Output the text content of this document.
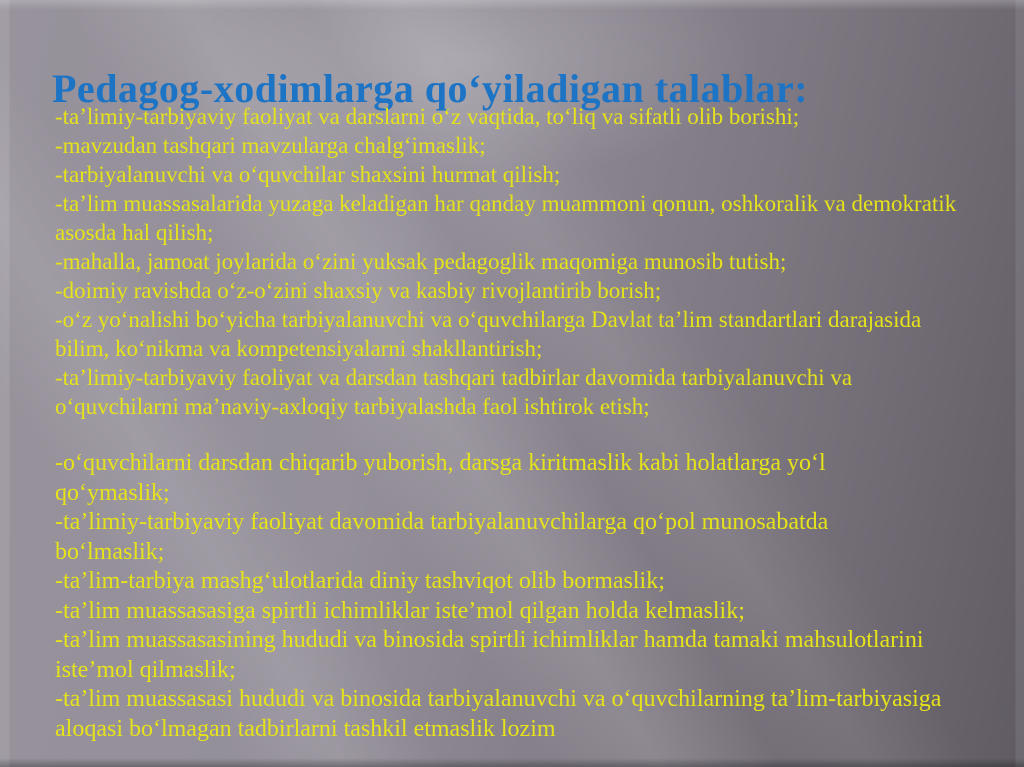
Pedagog-xodimlarga qoʻyiladigan talablar:

-taʼlimiy-tarbiyaviy faoliyat va darslarni oʻz vaqtida, toʻliq va sifatli olib borishi;

-mavzudan tashqari mavzularga chalgʻimaslik;

-tarbiyalanuvchi va oʻquvchilar shaxsini hurmat qilish;

-taʼlim muassasalarida yuzaga keladigan har qanday muammoni qonun, oshkoralik va demokratik asosda hal qilish;

-mahalla, jamoat joylarida oʻzini yuksak pedagoglik maqomiga munosib tutish;

-doimiy ravishda oʻz-oʻzini shaxsiy va kasbiy rivojlantirib borish;

-oʻz yoʻnalishi boʻyicha tarbiyalanuvchi va oʻquvchilarga Davlat taʼlim standartlari darajasida bilim, koʻnikma va kompetensiyalarni shakllantirish;

-taʼlimiy-tarbiyaviy faoliyat va darsdan tashqari tadbirlar davomida tarbiyalanuvchi va oʻquvchilarni maʼnaviy-axloqiy tarbiyalashda faol ishtirok etish;

-oʻquvchilarni darsdan chiqarib yuborish, darsga kiritmaslik kabi holatlarga yoʻl qoʻymaslik;

-taʼlimiy-tarbiyaviy faoliyat davomida tarbiyalanuvchilarga qoʻpol munosabatda boʻlmaslik;

-taʼlim-tarbiya mashgʻulotlarida diniy tashviqot olib bormaslik;

-taʼlim muassasasiga spirtli ichimliklar isteʼmol qilgan holda kelmaslik;

-taʼlim muassasasining hududi va binosida spirtli ichimliklar hamda tamaki mahsulotlarini isteʼmol qilmaslik;

-taʼlim muassasasi hududi va binosida tarbiyalanuvchi va oʻquvchilarning taʼlim-tarbiyasiga aloqasi boʻlmagan tadbirlarni tashkil etmaslik lozim
